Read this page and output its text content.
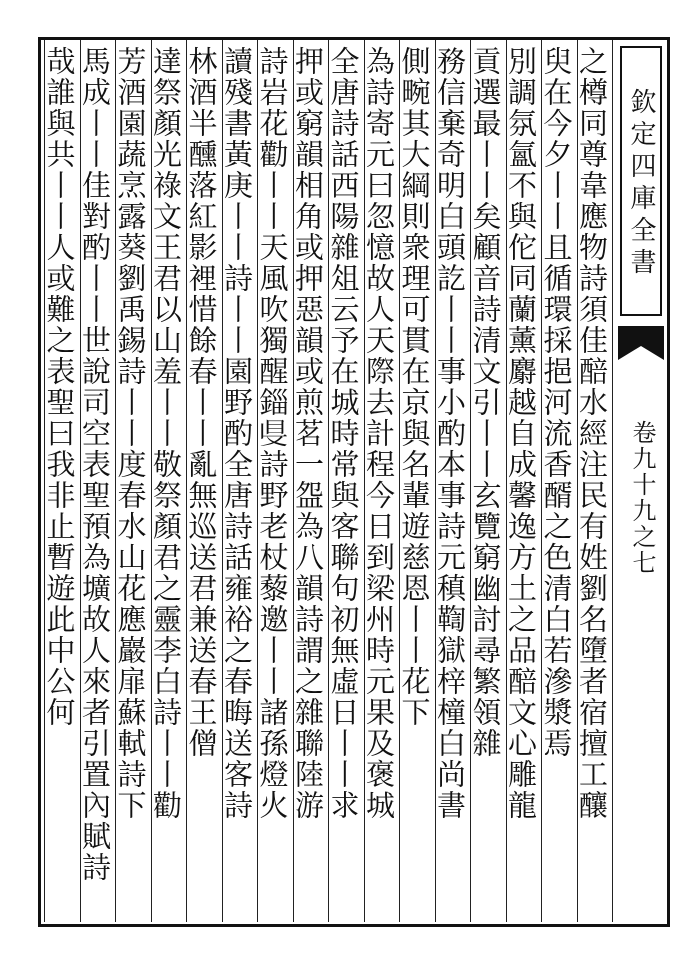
欽定四庫全書
卷九十九之七
之樽同尊韋應物詩須佳醅水經注民有姓劉名墮者宿擅工釀
臾在今夕丨丨且循環採挹河流香醑之色清白若滲漿焉
別調氛氳不與佗同蘭薰麝越自成馨逸方土之品醅文心雕龍
貢選最丨丨矣顧音詩清文引丨丨玄覽窮幽討尋繁領雜
務信棄奇明白頭訖丨丨事小酌本事詩元稹鞫獄梓橦白尚書
側畹其大綱則衆理可貫在京與名輩遊慈恩丨丨花下
為詩寄元曰忽憶故人天際去計程今日到梁州時元果及褒城
全唐詩話西陽雜俎云予在城時常與客聯句初無虛日丨丨求
押或窮韻相角或押惡韻或煎茗一盌為八韻詩謂之雜聯陸游
詩岩花勸丨丨天風吹獨醒錙𥄁詩野老杖藜邀丨丨諸孫燈火
讀殘書黃庚丨丨詩丨丨園野酌全唐詩話雍裕之春晦送客詩
林酒半醺落紅影裡惜餘春丨丨亂無巡送君兼送春王僧
達祭顏光祿文王君以山羞丨丨敬祭顏君之靈李白詩丨丨勸
芳酒園蔬烹露葵劉禹錫詩丨丨度春水山花應巖扉蘇軾詩下
馬成丨丨佳對酌丨丨世說司空表聖預為壙故人來者引置內賦詩
哉誰與共丨丨人或難之表聖曰我非止暫遊此中公何
